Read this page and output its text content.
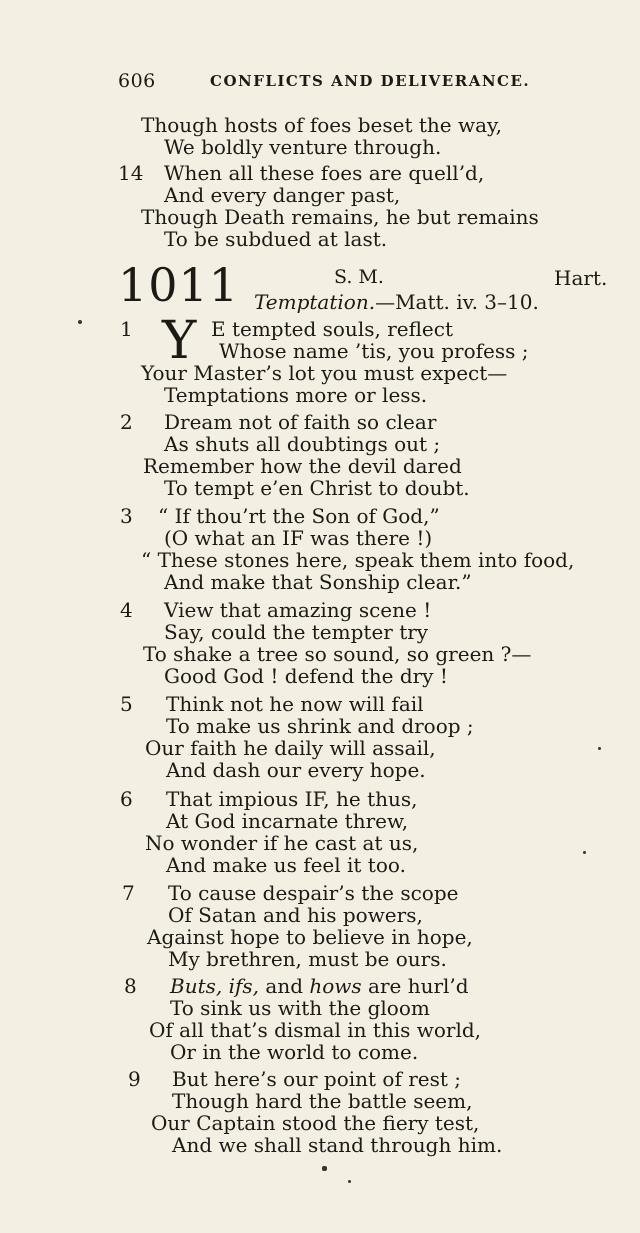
606	CONFLICTS AND DELIVERANCE.
Though hosts of foes beset the way,
We boldly venture through.
14 When all these foes are quell’d,
And every danger past,
Though Death remains, he but remains
To be subdued at last.
1011	S. M.	Hart.
Temptation.—Matt. iv. 3–10.
1 Y E tempted souls, reflect
Whose name ’tis, you profess ;
Your Master’s lot you must expect—
Temptations more or less.
2 Dream not of faith so clear
As shuts all doubtings out ;
Remember how the devil dared
To tempt e’en Christ to doubt.
3 “ If thou’rt the Son of God,”
(O what an IF was there !)
“ These stones here, speak them into food,
And make that Sonship clear.”
4 View that amazing scene !
Say, could the tempter try
To shake a tree so sound, so green ?—
Good God ! defend the dry !
5 Think not he now will fail
To make us shrink and droop ;
Our faith he daily will assail,
And dash our every hope.
6 That impious IF, he thus,
At God incarnate threw,
No wonder if he cast at us,
And make us feel it too.
7 To cause despair’s the scope
Of Satan and his powers,
Against hope to believe in hope,
My brethren, must be ours.
8 Buts, ifs, and hows are hurl’d
To sink us with the gloom
Of all that’s dismal in this world,
Or in the world to come.
9 But here’s our point of rest ;
Though hard the battle seem,
Our Captain stood the fiery test,
And we shall stand through him.
